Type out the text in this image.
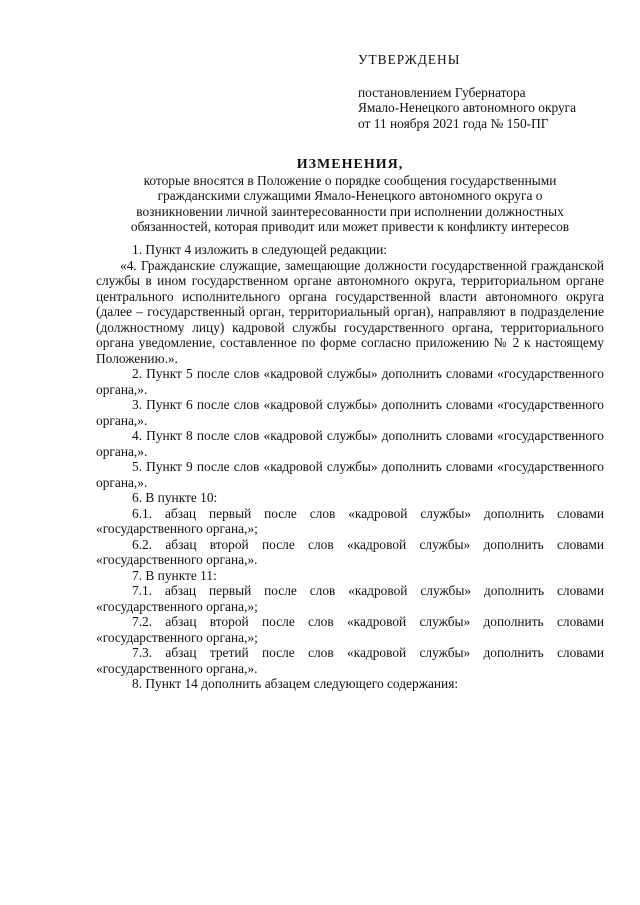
УТВЕРЖДЕНЫ
постановлением Губернатора
Ямало-Ненецкого автономного округа
от 11 ноября 2021 года № 150-ПГ
ИЗМЕНЕНИЯ,
которые вносятся в Положение о порядке сообщения государственными
гражданскими служащими Ямало-Ненецкого автономного округа о
возникновении личной заинтересованности при исполнении должностных
обязанностей, которая приводит или может привести к конфликту интересов
1. Пункт 4 изложить в следующей редакции:
«4. Гражданские служащие, замещающие должности государственной гражданской службы в ином государственном органе автономного округа, территориальном органе центрального исполнительного органа государственной власти автономного округа (далее – государственный орган, территориальный орган), направляют в подразделение (должностному лицу) кадровой службы государственного органа, территориального органа уведомление, составленное по форме согласно приложению № 2 к настоящему Положению.».
2. Пункт 5 после слов «кадровой службы» дополнить словами «государственного органа,».
3. Пункт 6 после слов «кадровой службы» дополнить словами «государственного органа,».
4. Пункт 8 после слов «кадровой службы» дополнить словами «государственного органа,».
5. Пункт 9 после слов «кадровой службы» дополнить словами «государственного органа,».
6. В пункте 10:
6.1. абзац первый после слов «кадровой службы» дополнить словами «государственного органа,»;
6.2. абзац второй после слов «кадровой службы» дополнить словами «государственного органа,».
7. В пункте 11:
7.1. абзац первый после слов «кадровой службы» дополнить словами «государственного органа,»;
7.2. абзац второй после слов «кадровой службы» дополнить словами «государственного органа,»;
7.3. абзац третий после слов «кадровой службы» дополнить словами «государственного органа,».
8. Пункт 14 дополнить абзацем следующего содержания:
